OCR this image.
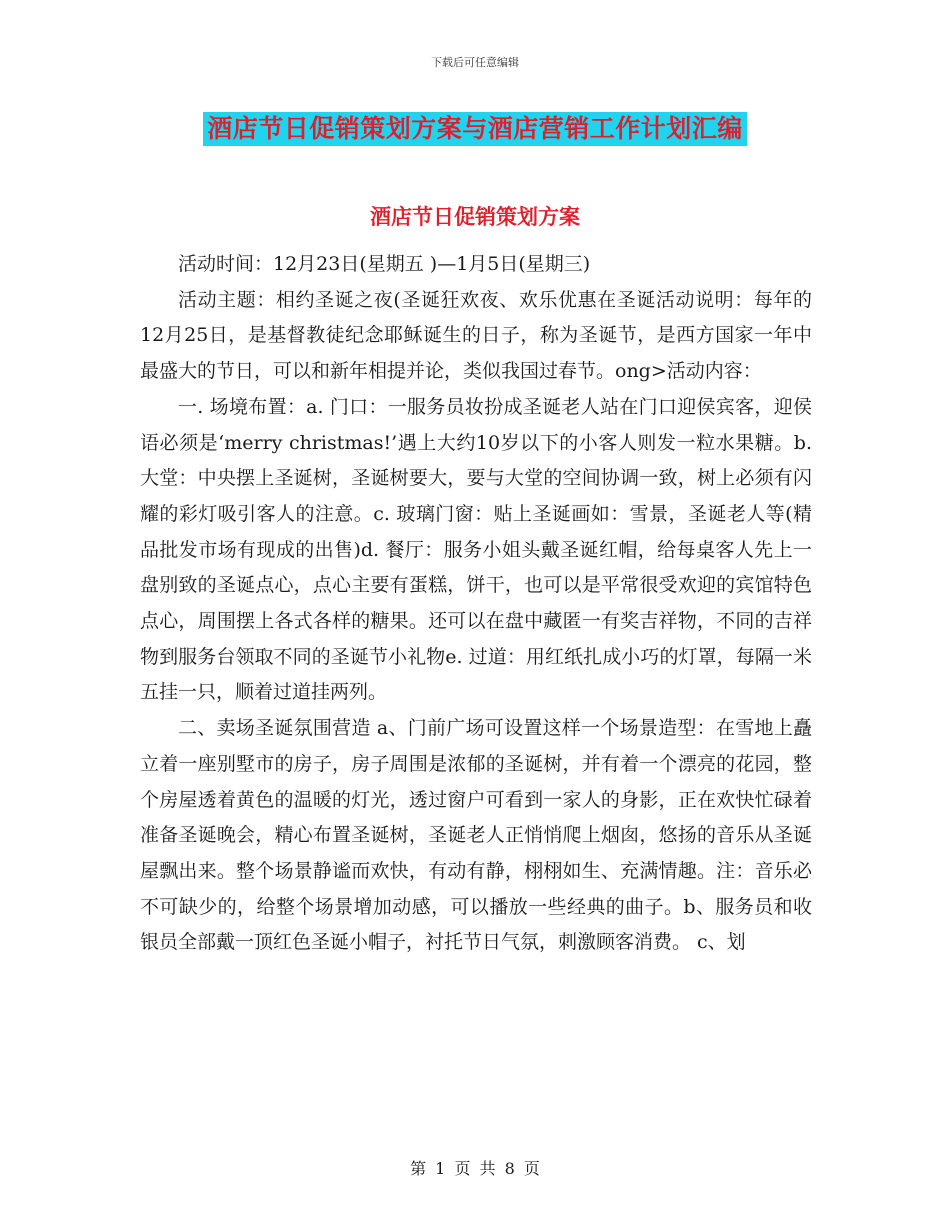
下载后可任意编辑
酒店节日促销策划方案与酒店营销工作计划汇编
酒店节日促销策划方案

活动时间：12月23日(星期五 )—1月5日(星期三)

活动主题：相约圣诞之夜(圣诞狂欢夜、欢乐优惠在圣诞活动说明：每年的12月25日，是基督教徒纪念耶稣诞生的日子，称为圣诞节，是西方国家一年中最盛大的节日，可以和新年相提并论，类似我国过春节。ong>活动内容：

一. 场境布置：a. 门口：一服务员妆扮成圣诞老人站在门口迎侯宾客，迎侯语必须是‘merry christmas!’遇上大约10岁以下的小客人则发一粒水果糖。b. 大堂：中央摆上圣诞树，圣诞树要大，要与大堂的空间协调一致，树上必须有闪耀的彩灯吸引客人的注意。c. 玻璃门窗：贴上圣诞画如：雪景，圣诞老人等(精品批发市场有现成的出售)d. 餐厅：服务小姐头戴圣诞红帽，给每桌客人先上一盘别致的圣诞点心，点心主要有蛋糕，饼干，也可以是平常很受欢迎的宾馆特色点心，周围摆上各式各样的糖果。还可以在盘中藏匿一有奖吉祥物，不同的吉祥物到服务台领取不同的圣诞节小礼物e. 过道：用红纸扎成小巧的灯罩，每隔一米五挂一只，顺着过道挂两列。

二、卖场圣诞氛围营造 a、门前广场可设置这样一个场景造型：在雪地上矗立着一座别墅市的房子，房子周围是浓郁的圣诞树，并有着一个漂亮的花园，整个房屋透着黄色的温暖的灯光，透过窗户可看到一家人的身影，正在欢快忙碌着准备圣诞晚会，精心布置圣诞树，圣诞老人正悄悄爬上烟囱，悠扬的音乐从圣诞屋飘出来。整个场景静谧而欢快，有动有静，栩栩如生、充满情趣。注：音乐必不可缺少的，给整个场景增加动感，可以播放一些经典的曲子。b、服务员和收银员全部戴一顶红色圣诞小帽子，衬托节日气氛，刺激顾客消费。 c、划

第 1 页 共 8 页
